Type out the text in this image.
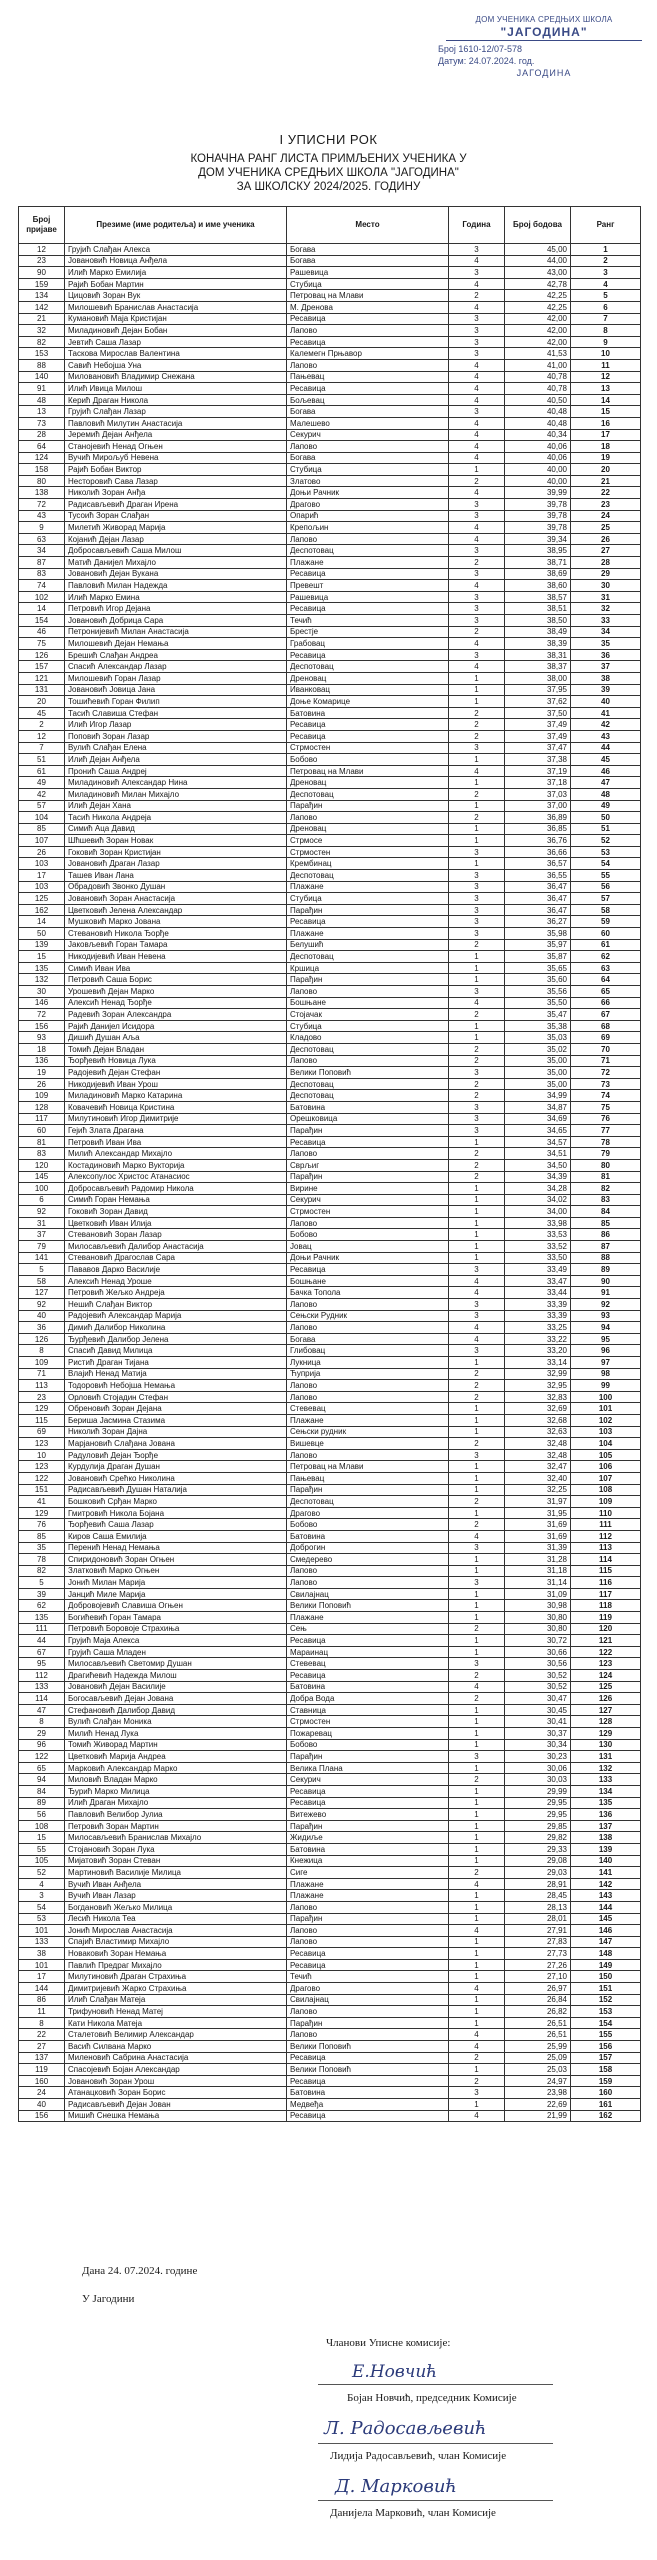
ДОМ УЧЕНИКА СРЕДЊИХ ШКОЛА
"ЈАГОДИНА"
Број 1610-12/07-578
Датум: 24.07.2024. год.
ЈАГОДИНА
I УПИСНИ РОК
КОНАЧНА РАНГ ЛИСТА ПРИМЉЕНИХ УЧЕНИКА У
ДОМ УЧЕНИКА СРЕДЊИХ ШКОЛА "ЈАГОДИНА"
ЗА ШКОЛСКУ 2024/2025. ГОДИНУ
Број пријаве	Презиме (име родитеља) и име ученика	Место	Година	Број бодова	Ранг
12	Грујић Слађан Алекса	Богава	3	45,00	1
23	Јовановић Новица Анђела	Богава	4	44,00	2
90	Илић Марко Емилија	Рашевица	3	43,00	3
159	Рајић Бобан Мартин	Стубица	4	42,78	4
134	Цицовић Зоран Вук	Петровац на Млави	2	42,25	5
142	Милошевић Бранислав Анастасија	М. Дренова	4	42,25	6
21	Кумановић Маја Кристијан	Ресавица	3	42,00	7
32	Миладиновић Дејан Бобан	Лапово	3	42,00	8
82	Јевтић Саша Лазар	Ресавица	3	42,00	9
153	Таскова Мирослав Валентина	Калемегн Прњавор	3	41,53	10
88	Савић Небојша Уна	Лапово	4	41,00	11
140	Миловановић Владимир Снежана	Пањевац	4	40,78	12
91	Илић Ивица Милош	Ресавица	4	40,78	13
48	Керић Драган Никола	Бољевац	4	40,50	14
13	Грујић Слађан Лазар	Богава	3	40,48	15
73	Павловић Милутин Анастасија	Малешево	4	40,48	16
28	Јеремић Дејан Анђела	Секурич	4	40,34	17
64	Станојевић Ненад Огњен	Лапово	4	40,06	18
124	Вучић Мирољуб Невена	Богава	4	40,06	19
158	Рајић Бобан Виктор	Стубица	1	40,00	20
80	Несторовић Сава Лазар	Златово	2	40,00	21
138	Николић Зоран Анђа	Доњи Рачник	4	39,99	22
72	Радисављевић Драган Ирена	Драгово	3	39,78	23
43	Тусоић Зоран Слађан	Опарић	3	39,78	24
9	Милетић Живорад Марија	Крепољин	4	39,78	25
63	Којанић Дејан Лазар	Лапово	4	39,34	26
34	Добросављевић Саша Милош	Деспотовац	3	38,95	27
87	Матић Данијел Михајло	Плажане	2	38,71	28
83	Јовановић Дејан Вукана	Ресавица	3	38,69	29
74	Павловић Милан Надежда	Превешт	4	38,60	30
102	Илић Марко Емина	Рашевица	3	38,57	31
14	Петровић Игор Дејана	Ресавица	3	38,51	32
154	Јовановић Добрица Сара	Течић	3	38,50	33
46	Петронијевић Милан Анастасија	Брестје	2	38,49	34
75	Милошевић Дејан Немања	Грабовац	4	38,39	35
126	Брешић Слађан Андреа	Ресавица	3	38,31	36
157	Спасић Александар Лазар	Деспотовац	4	38,37	37
121	Милошевић Горан Лазар	Дреновац	1	38,00	38
131	Јовановић Јовица Јана	Иванковац	1	37,95	39
20	Тошићевић Горан Филип	Доње Комарице	1	37,62	40
45	Тасић Славиша Стефан	Батовина	2	37,50	41
2	Илић Игор Лазар	Ресавица	2	37,49	42
12	Поповић Зоран Лазар	Ресавица	2	37,49	43
7	Вулић Слађан Елена	Стрмостен	3	37,47	44
51	Илић Дејан Анђела	Бобово	1	37,38	45
61	Пронић Саша Андреј	Петровац на Млави	4	37,19	46
49	Миладиновић Александар Нина	Дреновац	1	37,18	47
42	Миладиновић Милан Михајло	Деспотовац	2	37,03	48
57	Илић Дејан Хана	Парађин	1	37,00	49
104	Тасић Никола Андреја	Лапово	2	36,89	50
85	Симић Аца Давид	Дреновац	1	36,85	51
107	Шћшевић Зоран Новак	Стрмосе	1	36,76	52
26	Гоковић Зоран Кристијан	Стрмостен	3	36,66	53
103	Јовановић Драган Лазар	Крембинац	1	36,57	54
17	Ташев Иван Лана	Деспотовац	3	36,55	55
103	Обрадовић Звонко Душан	Плажане	3	36,47	56
125	Јовановић Зоран Анастасија	Стубица	3	36,47	57
162	Цветковић Јелена Александар	Парађин	3	36,47	58
14	Мушковић Марко Јована	Ресавица	3	36,27	59
50	Стевановић Никола Ђорђе	Плажане	3	35,98	60
139	Јаковљевић Горан Тамара	Белушић	2	35,97	61
15	Никодијевић Иван Невена	Деспотовац	1	35,87	62
135	Симић Иван Ива	Кршица	1	35,65	63
132	Петровић Саша Борис	Парађин	1	35,60	64
30	Урошевић Дејан Марко	Лапово	3	35,56	65
146	Алексић Ненад Ђорђе	Бошњане	4	35,50	66
72	Радевић Зоран Александра	Стојачак	2	35,47	67
156	Рајић Данијел Исидора	Стубица	1	35,38	68
93	Дишић Душан Аља	Кладово	1	35,03	69
18	Томић Дејан Владан	Деспотовац	2	35,02	70
136	Ђорђевић Новица Лука	Лапово	2	35,00	71
19	Радојевић Дејан Стефан	Велики Поповић	3	35,00	72
26	Никодијевић Иван Урош	Деспотовац	2	35,00	73
109	Миладиновић Марко Катарина	Деспотовац	2	34,99	74
128	Ковачевић Новица Кристина	Батовина	3	34,87	75
117	Милутиновић Игор Димитрије	Орешковица	3	34,69	76
60	Гејић Злата Драгана	Парађин	3	34,65	77
81	Петровић Иван Ива	Ресавица	1	34,57	78
83	Милић Александар Михајло	Лапово	2	34,51	79
120	Костадиновић Марко Вукторија	Сврљиг	2	34,50	80
145	Алексопулос Христос Атанасиос	Парађин	2	34,39	81
100	Добросављевић Радомир Никола	Вирине	1	34,28	82
6	Симић Горан Немања	Секурич	1	34,02	83
92	Гоковић Зоран Давид	Стрмостен	1	34,00	84
31	Цветковић Иван Илија	Лапово	1	33,98	85
37	Стевановић Зоран Лазар	Бобово	1	33,53	86
79	Милосављевић Далибор Анастасија	Јовац	1	33,52	87
141	Стевановић Драгослав Сара	Доњи Рачник	1	33,50	88
5	Пававов Дарко Василије	Ресавица	3	33,49	89
58	Алексић Ненад Уроше	Бошњане	4	33,47	90
127	Петровић Жељко Андреја	Бачка Топола	4	33,44	91
92	Нешић Слађан Виктор	Лапово	3	33,39	92
40	Радојевић Александар Марија	Сењски Рудник	3	33,39	93
36	Димић Далибор Николина	Лапово	4	33,25	94
126	Ђурђевић Далибор Јелена	Богава	4	33,22	95
8	Спасић Давид Милица	Глибовац	3	33,20	96
109	Ристић Драган Тијана	Лукница	1	33,14	97
71	Влајић Ненад Матија	Ћуприја	2	32,99	98
113	Тодоровић Небојша Немања	Лапово	2	32,95	99
23	Орловић Стојадин Стефан	Лапово	2	32,83	100
129	Обреновић Зоран Дејана	Стевевац	1	32,69	101
115	Беришa Јасмина Стазима	Плажане	1	32,68	102
69	Николић Зоран Дајна	Сењски рудник	1	32,63	103
123	Марјановић Слађана Јована	Вишевце	2	32,48	104
10	Радуловић Дејан Ђорђе	Лапово	3	32,48	105
123	Курдулија Драган Душан	Петровац на Млави	1	32,47	106
122	Јовановић Срећко Николина	Пањевац	1	32,40	107
151	Радисављевић Душан Наталија	Парађин	1	32,25	108
41	Бошковић Срђан Марко	Деспотовац	2	31,97	109
129	Гмитровић Никола Бојана	Драгово	1	31,95	110
76	Ђорђевић Саша Лазар	Бобово	2	31,69	111
85	Киров Саша Емилија	Батовина	4	31,69	112
35	Перенић Ненад Немања	Доброгин	3	31,39	113
78	Спиридоновић Зоран Огњен	Смедерево	1	31,28	114
82	Златковић Марко Огњен	Лапово	1	31,18	115
5	Јонић Милан Марија	Лапово	3	31,14	116
39	Јанцић Миле Марија	Свилајнац	1	31,09	117
62	Добровојевић Славиша Огњен	Велики Поповић	1	30,98	118
135	Богићевић Горан Тамара	Плажане	1	30,80	119
111	Петровић Боровоје Страхиња	Сењ	2	30,80	120
44	Грујић Маја Алекса	Ресавица	1	30,72	121
67	Грујић Саша Младен	Мараинац	1	30,66	122
95	Милосављевић Светомир Душан	Стевевац	3	30,56	123
112	Драгићевић Надежда Милош	Ресавица	2	30,52	124
133	Јовановић Дејан Василије	Батовина	4	30,52	125
114	Богосављевић Дејан Јована	Добра Вода	2	30,47	126
47	Стефановић Далибор Давид	Ставница	1	30,45	127
8	Вулић Слађан Моника	Стрмостен	1	30,41	128
29	Милић Ненад Лука	Пожаревац	1	30,37	129
96	Томић Живорад Мартин	Бобово	1	30,34	130
122	Цветковић Марија Андреа	Парађин	3	30,23	131
65	Марковић Александар Марко	Велика Плана	1	30,06	132
94	Миловић Владан Марко	Секурич	2	30,03	133
84	Ђурић Марко Милица	Ресавица	1	29,99	134
89	Илић Драган Михајло	Ресавица	1	29,95	135
56	Павловић Велибор Јулиа	Витежево	1	29,95	136
108	Петровић Зоран Мартин	Парађин	1	29,85	137
15	Милосављевић Бранислав Михајло	Жидиље	1	29,82	138
55	Стојановић Зоран Лука	Батовина	1	29,33	139
105	Мијатовић Зоран Стеван	Кнежица	1	29,08	140
52	Мартиновић Василије Милица	Сиге	2	29,03	141
4	Вучић Иван Анђела	Плажане	4	28,91	142
3	Вучић Иван Лазар	Плажане	1	28,45	143
54	Богдановић Жељко Милица	Лапово	1	28,13	144
53	Лесић Никола Теа	Парађин	1	28,01	145
101	Јонић Мирослав Анастасија	Лапово	4	27,91	146
133	Спајић Властимир Михајло	Лапово	1	27,83	147
38	Новаковић Зоран Немања	Ресавица	1	27,73	148
101	Павлић Предраг Михајло	Ресавица	1	27,26	149
17	Милутиновић Драган Страхиња	Течић	1	27,10	150
144	Димитријевић Жарко Страхиња	Драгово	4	26,97	151
86	Илић Слађан Матеја	Свилајнац	1	26,84	152
11	Трифуновић Ненад Матеј	Лапово	1	26,82	153
8	Кати Никола Матеја	Парађин	1	26,51	154
22	Сталетовић Велимир Александар	Лапово	4	26,51	155
27	Васић Силвана Марко	Велики Поповић	4	25,99	156
137	Миленовић Сабрина Анастасија	Ресавица	2	25,09	157
119	Спасојевић Боjaн Александар	Велики Поповић	1	25,03	158
160	Јовановић Зоран Урош	Ресавица	2	24,97	159
24	Атанацковић Зоран Борис	Батовина	3	23,98	160
40	Радисављевић Дејан Јован	Медвеђа	1	22,69	161
156	Мишић Снешка Немања	Ресавица	4	21,99	162
Дана 24. 07.2024. године
У Јагодини
Чланови Уписне комисије:
Е.Новчић
Бојан Новчић, председник Комисије
Л. Радосављевић
Лидија Радосављевић, члан Комисије
Д. Марковић
Данијела Марковић, члан Комисије
